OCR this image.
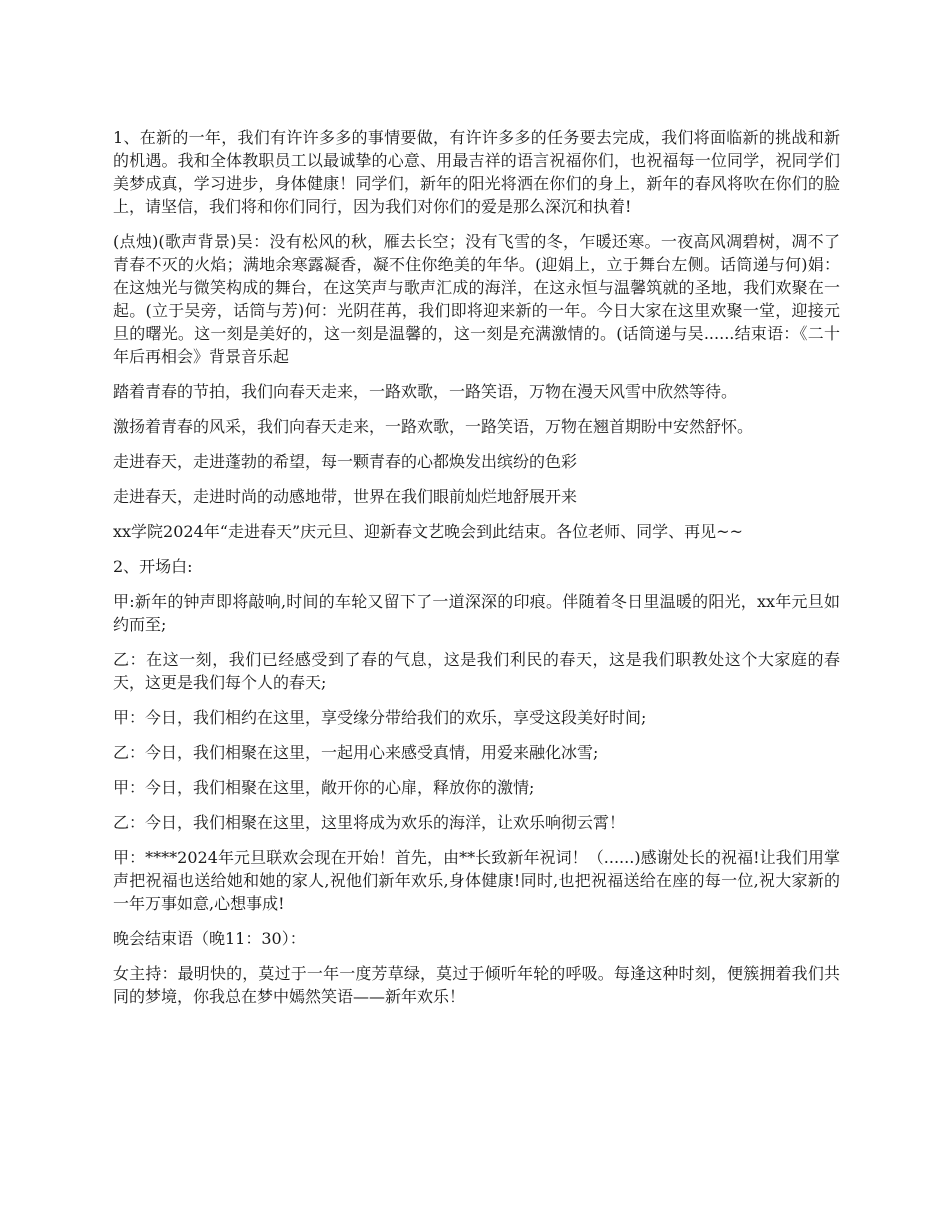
1、在新的一年，我们有许许多多的事情要做，有许许多多的任务要去完成，我们将面临新的挑战和新的机遇。我和全体教职员工以最诚挚的心意、用最吉祥的语言祝福你们，也祝福每一位同学，祝同学们美梦成真，学习进步，身体健康！同学们，新年的阳光将洒在你们的身上，新年的春风将吹在你们的脸上，请坚信，我们将和你们同行，因为我们对你们的爱是那么深沉和执着!

(点烛)(歌声背景)吴：没有松风的秋，雁去长空；没有飞雪的冬，乍暖还寒。一夜高风凋碧树，凋不了青春不灭的火焰；满地余寒露凝香，凝不住你绝美的年华。(迎娟上，立于舞台左侧。话筒递与何)娟：在这烛光与微笑构成的舞台，在这笑声与歌声汇成的海洋，在这永恒与温馨筑就的圣地，我们欢聚在一起。(立于吴旁，话筒与芳)何：光阴荏苒，我们即将迎来新的一年。今日大家在这里欢聚一堂，迎接元旦的曙光。这一刻是美好的，这一刻是温馨的，这一刻是充满激情的。(话筒递与吴......结束语：《二十年后再相会》背景音乐起

踏着青春的节拍，我们向春天走来，一路欢歌，一路笑语，万物在漫天风雪中欣然等待。

激扬着青春的风采，我们向春天走来，一路欢歌，一路笑语，万物在翘首期盼中安然舒怀。

走进春天，走进蓬勃的希望，每一颗青春的心都焕发出缤纷的色彩

走进春天，走进时尚的动感地带，世界在我们眼前灿烂地舒展开来

xx学院2024年“走进春天”庆元旦、迎新春文艺晚会到此结束。各位老师、同学、再见~~

2、开场白:

甲:新年的钟声即将敲响,时间的车轮又留下了一道深深的印痕。伴随着冬日里温暖的阳光，xx年元旦如约而至;

乙：在这一刻，我们已经感受到了春的气息，这是我们利民的春天，这是我们职教处这个大家庭的春天，这更是我们每个人的春天;

甲：今日，我们相约在这里，享受缘分带给我们的欢乐，享受这段美好时间;

乙：今日，我们相聚在这里，一起用心来感受真情，用爱来融化冰雪;

甲：今日，我们相聚在这里，敞开你的心扉，释放你的激情;

乙：今日，我们相聚在这里，这里将成为欢乐的海洋，让欢乐响彻云霄！

甲：****2024年元旦联欢会现在开始！首先，由**长致新年祝词！（......)感谢处长的祝福!让我们用掌声把祝福也送给她和她的家人,祝他们新年欢乐,身体健康!同时,也把祝福送给在座的每一位,祝大家新的一年万事如意,心想事成!

晚会结束语（晚11：30）：

女主持：最明快的，莫过于一年一度芳草绿，莫过于倾听年轮的呼吸。每逢这种时刻，便簇拥着我们共同的梦境，你我总在梦中嫣然笑语——新年欢乐！
